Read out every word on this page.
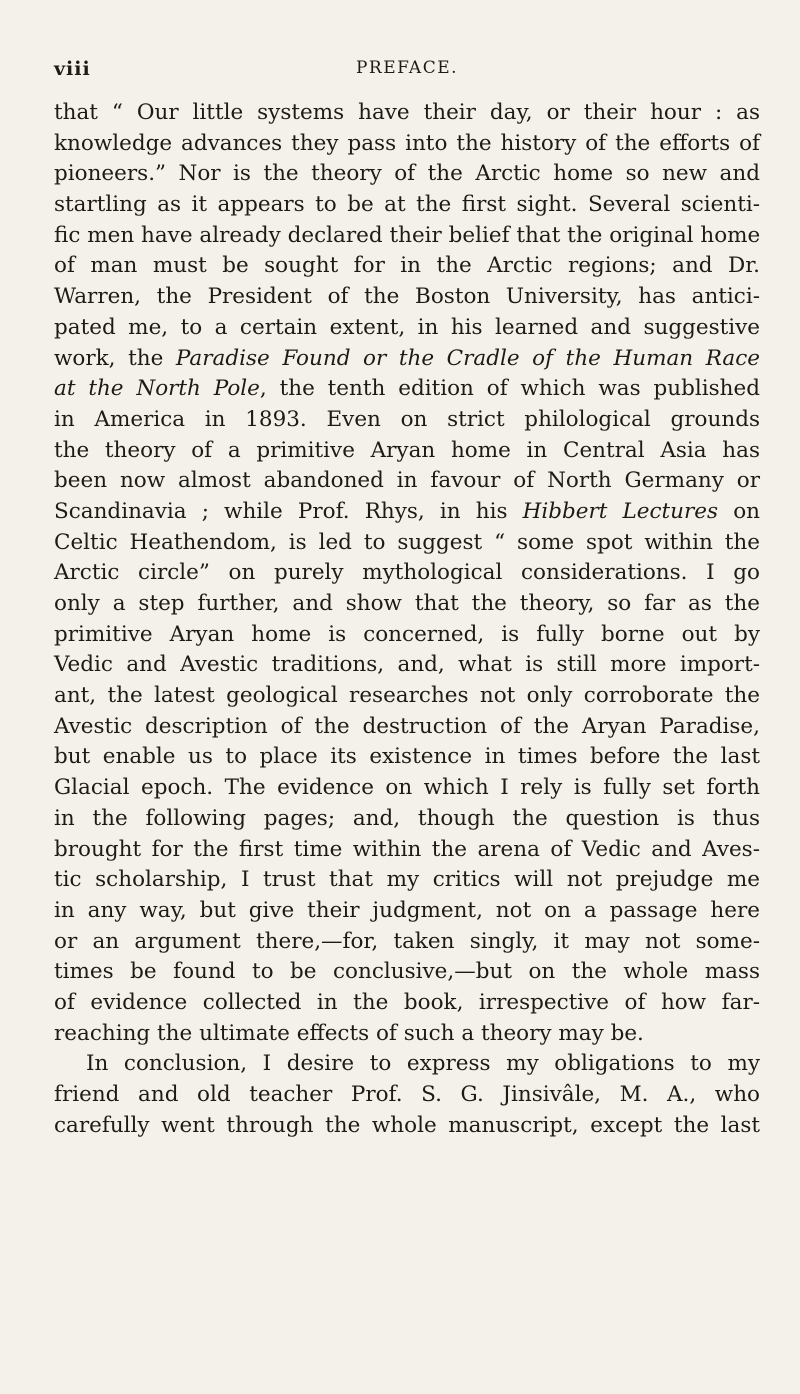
viii	PREFACE.
that “ Our little systems have their day, or their hour : as
knowledge advances they pass into the history of the efforts of
pioneers.” Nor is the theory of the Arctic home so new and
startling as it appears to be at the first sight. Several scienti-
fic men have already declared their belief that the original home
of man must be sought for in the Arctic regions; and Dr.
Warren, the President of the Boston University, has antici-
pated me, to a certain extent, in his learned and suggestive
work, the Paradise Found or the Cradle of the Human Race
at the North Pole, the tenth edition of which was published
in America in 1893. Even on strict philological grounds
the theory of a primitive Aryan home in Central Asia has
been now almost abandoned in favour of North Germany or
Scandinavia ; while Prof. Rhys, in his Hibbert Lectures on
Celtic Heathendom, is led to suggest “ some spot within the
Arctic circle” on purely mythological considerations. I go
only a step further, and show that the theory, so far as the
primitive Aryan home is concerned, is fully borne out by
Vedic and Avestic traditions, and, what is still more import-
ant, the latest geological researches not only corroborate the
Avestic description of the destruction of the Aryan Paradise,
but enable us to place its existence in times before the last
Glacial epoch. The evidence on which I rely is fully set forth
in the following pages; and, though the question is thus
brought for the first time within the arena of Vedic and Aves-
tic scholarship, I trust that my critics will not prejudge me
in any way, but give their judgment, not on a passage here
or an argument there,—for, taken singly, it may not some-
times be found to be conclusive,—but on the whole mass
of evidence collected in the book, irrespective of how far-
reaching the ultimate effects of such a theory may be.
In conclusion, I desire to express my obligations to my
friend and old teacher Prof. S. G. Jinsivâle, M. A., who
carefully went through the whole manuscript, except the last
